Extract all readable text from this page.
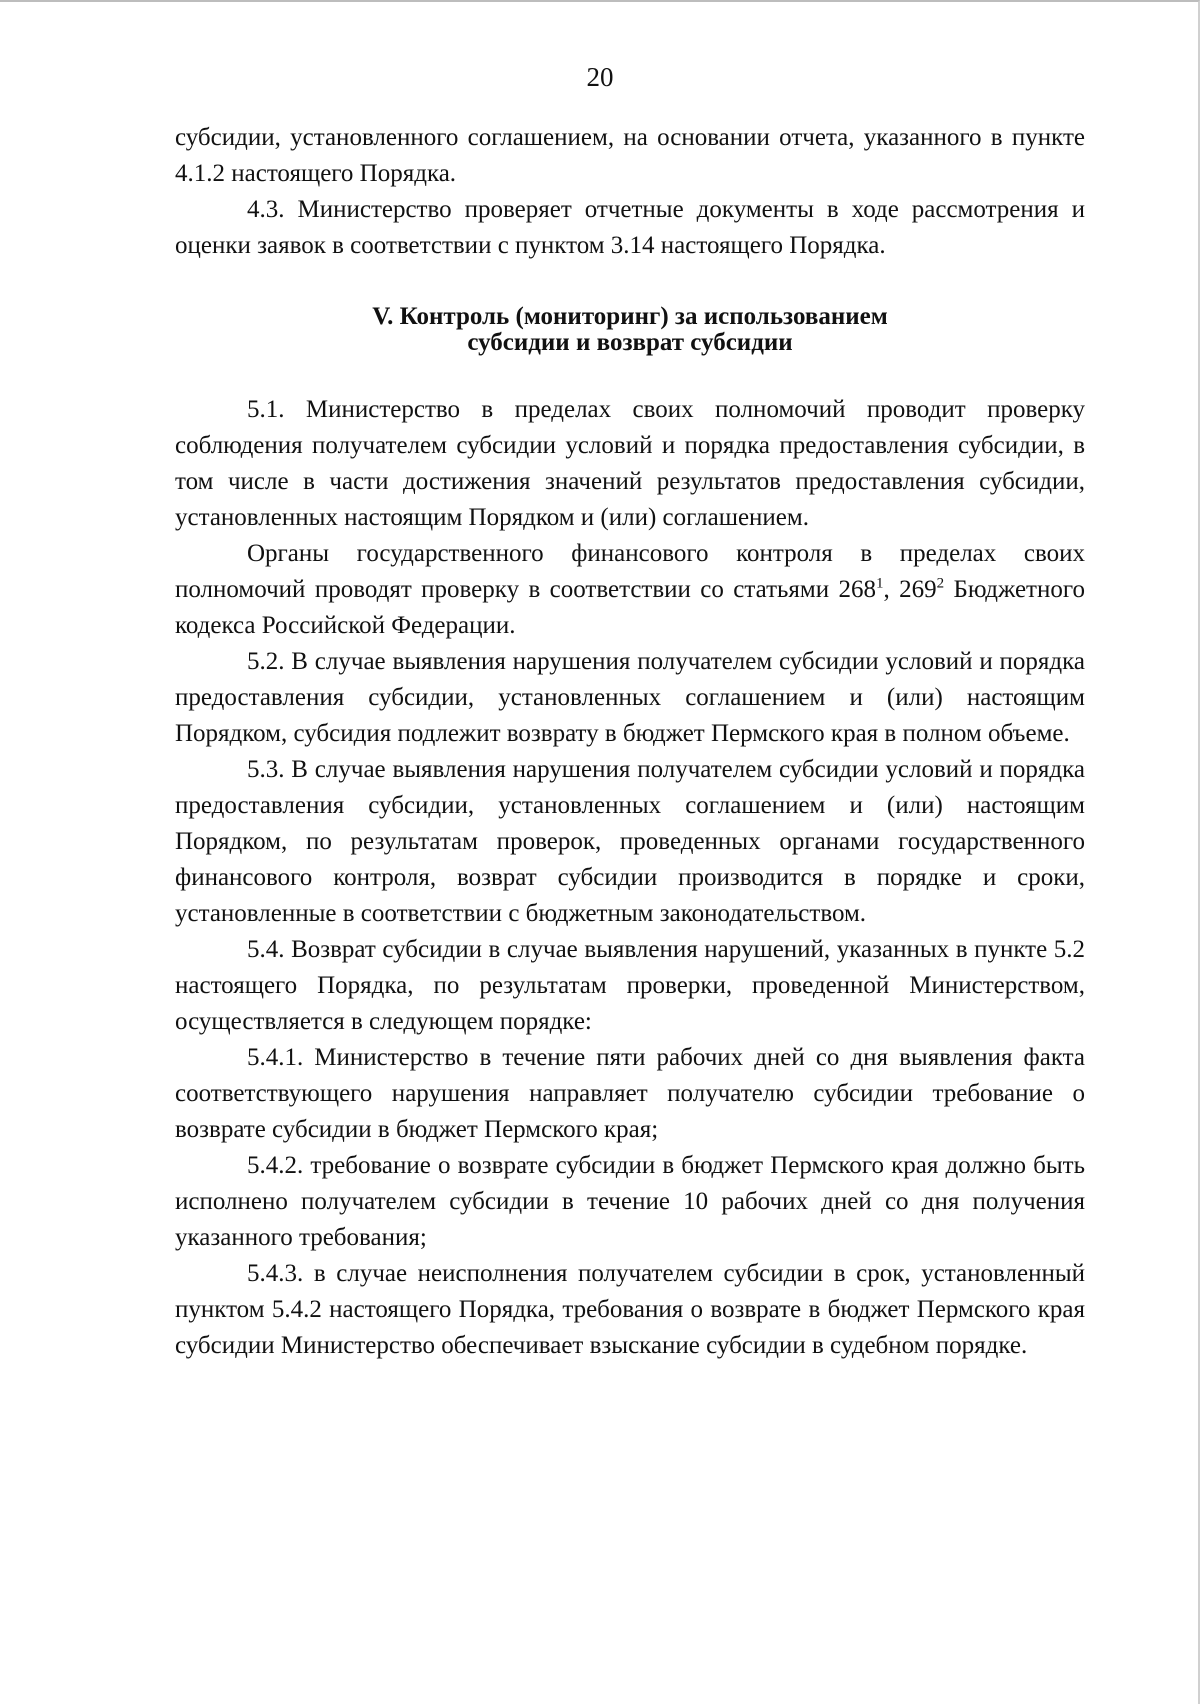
20

субсидии, установленного соглашением, на основании отчета, указанного в пункте 4.1.2 настоящего Порядка.

4.3. Министерство проверяет отчетные документы в ходе рассмотрения и оценки заявок в соответствии с пунктом 3.14 настоящего Порядка.

V. Контроль (мониторинг) за использованием
субсидии и возврат субсидии

5.1. Министерство в пределах своих полномочий проводит проверку соблюдения получателем субсидии условий и порядка предоставления субсидии, в том числе в части достижения значений результатов предоставления субсидии, установленных настоящим Порядком и (или) соглашением.

Органы государственного финансового контроля в пределах своих полномочий проводят проверку в соответствии со статьями $268^1$, $269^2$ Бюджетного кодекса Российской Федерации.

5.2. В случае выявления нарушения получателем субсидии условий и порядка предоставления субсидии, установленных соглашением и (или) настоящим Порядком, субсидия подлежит возврату в бюджет Пермского края в полном объеме.

5.3. В случае выявления нарушения получателем субсидии условий и порядка предоставления субсидии, установленных соглашением и (или) настоящим Порядком, по результатам проверок, проведенных органами государственного финансового контроля, возврат субсидии производится в порядке и сроки, установленные в соответствии с бюджетным законодательством.

5.4. Возврат субсидии в случае выявления нарушений, указанных в пункте 5.2 настоящего Порядка, по результатам проверки, проведенной Министерством, осуществляется в следующем порядке:

5.4.1. Министерство в течение пяти рабочих дней со дня выявления факта соответствующего нарушения направляет получателю субсидии требование о возврате субсидии в бюджет Пермского края;

5.4.2. требование о возврате субсидии в бюджет Пермского края должно быть исполнено получателем субсидии в течение 10 рабочих дней со дня получения указанного требования;

5.4.3. в случае неисполнения получателем субсидии в срок, установленный пунктом 5.4.2 настоящего Порядка, требования о возврате в бюджет Пермского края субсидии Министерство обеспечивает взыскание субсидии в судебном порядке.
